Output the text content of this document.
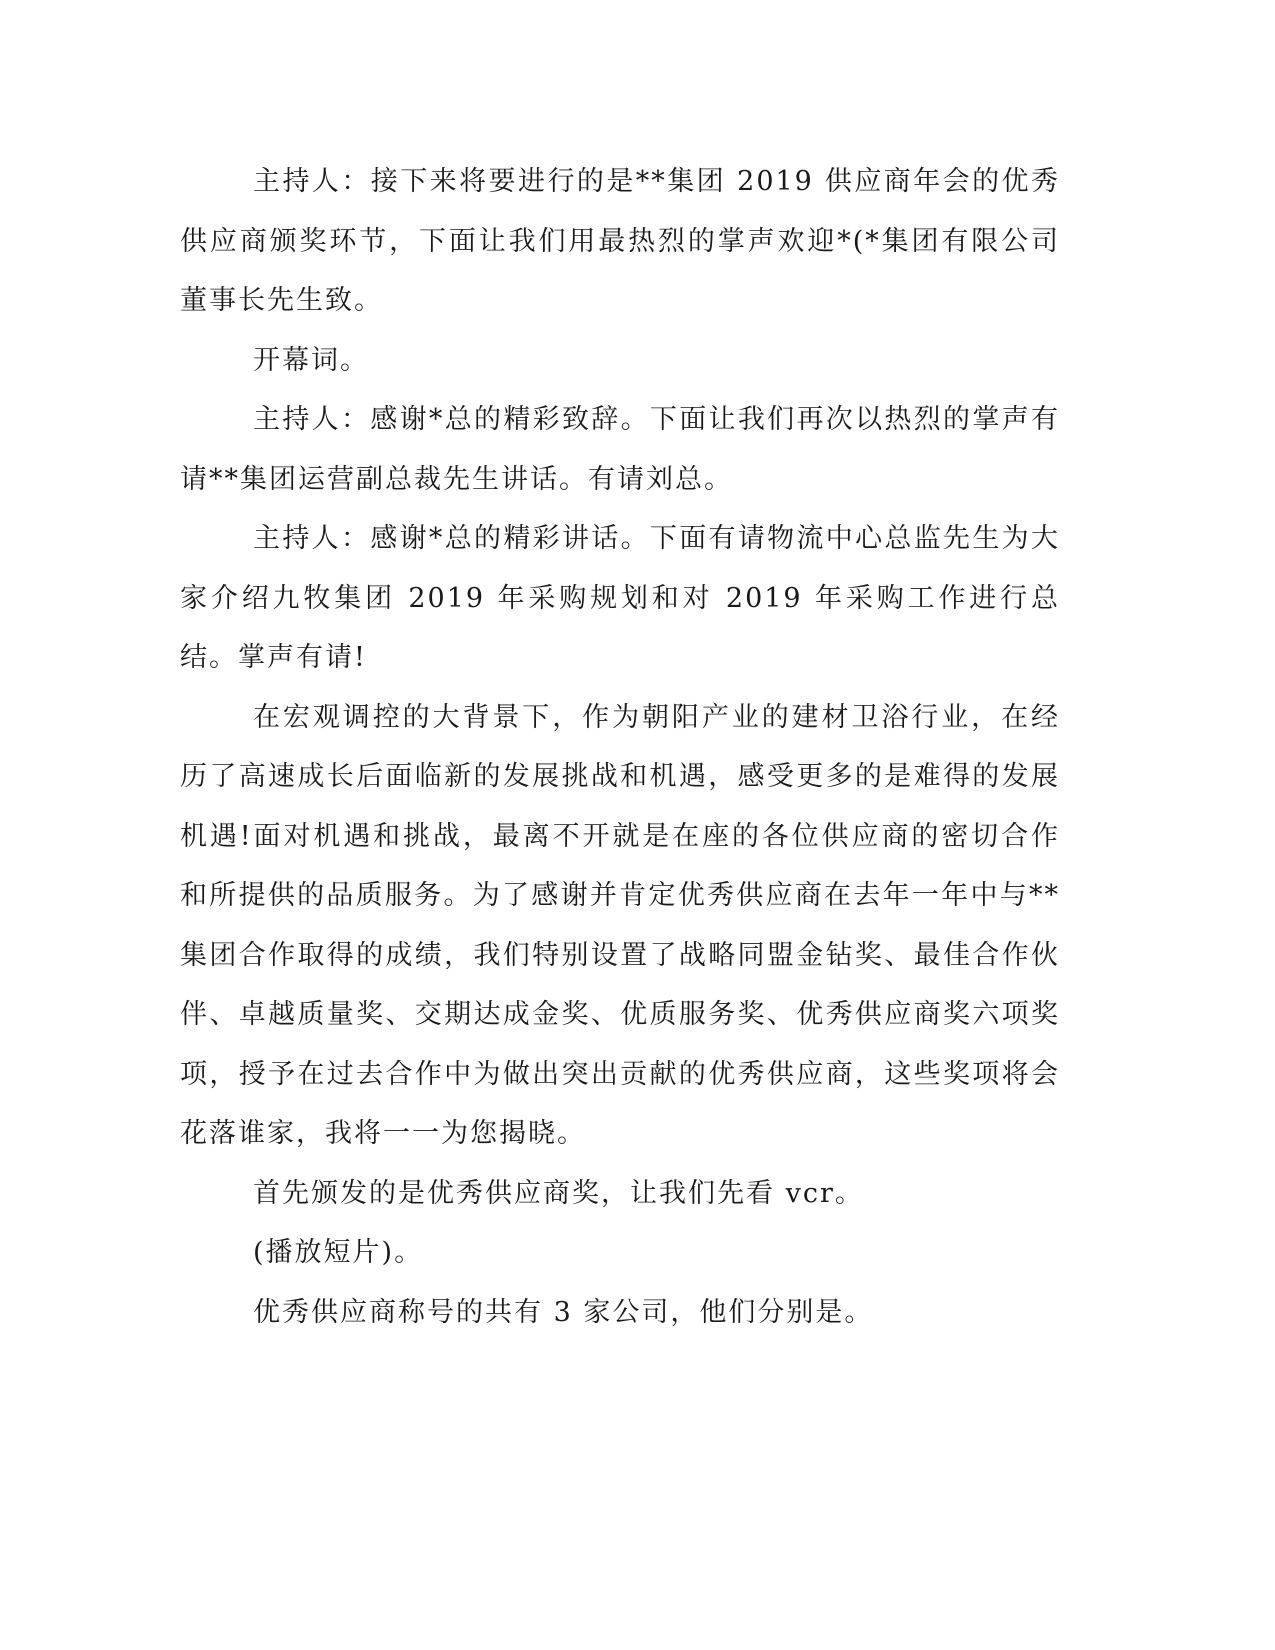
主持人：接下来将要进行的是**集团 2019 供应商年会的优秀供应商颁奖环节，下面让我们用最热烈的掌声欢迎*(*集团有限公司董事长先生致。

开幕词。

主持人：感谢*总的精彩致辞。下面让我们再次以热烈的掌声有请**集团运营副总裁先生讲话。有请刘总。

主持人：感谢*总的精彩讲话。下面有请物流中心总监先生为大家介绍九牧集团 2019 年采购规划和对 2019 年采购工作进行总结。掌声有请!

在宏观调控的大背景下，作为朝阳产业的建材卫浴行业，在经历了高速成长后面临新的发展挑战和机遇，感受更多的是难得的发展机遇!面对机遇和挑战，最离不开就是在座的各位供应商的密切合作和所提供的品质服务。为了感谢并肯定优秀供应商在去年一年中与**集团合作取得的成绩，我们特别设置了战略同盟金钻奖、最佳合作伙伴、卓越质量奖、交期达成金奖、优质服务奖、优秀供应商奖六项奖项，授予在过去合作中为做出突出贡献的优秀供应商，这些奖项将会花落谁家，我将一一为您揭晓。

首先颁发的是优秀供应商奖，让我们先看 vcr。

(播放短片)。

优秀供应商称号的共有 3 家公司，他们分别是。
